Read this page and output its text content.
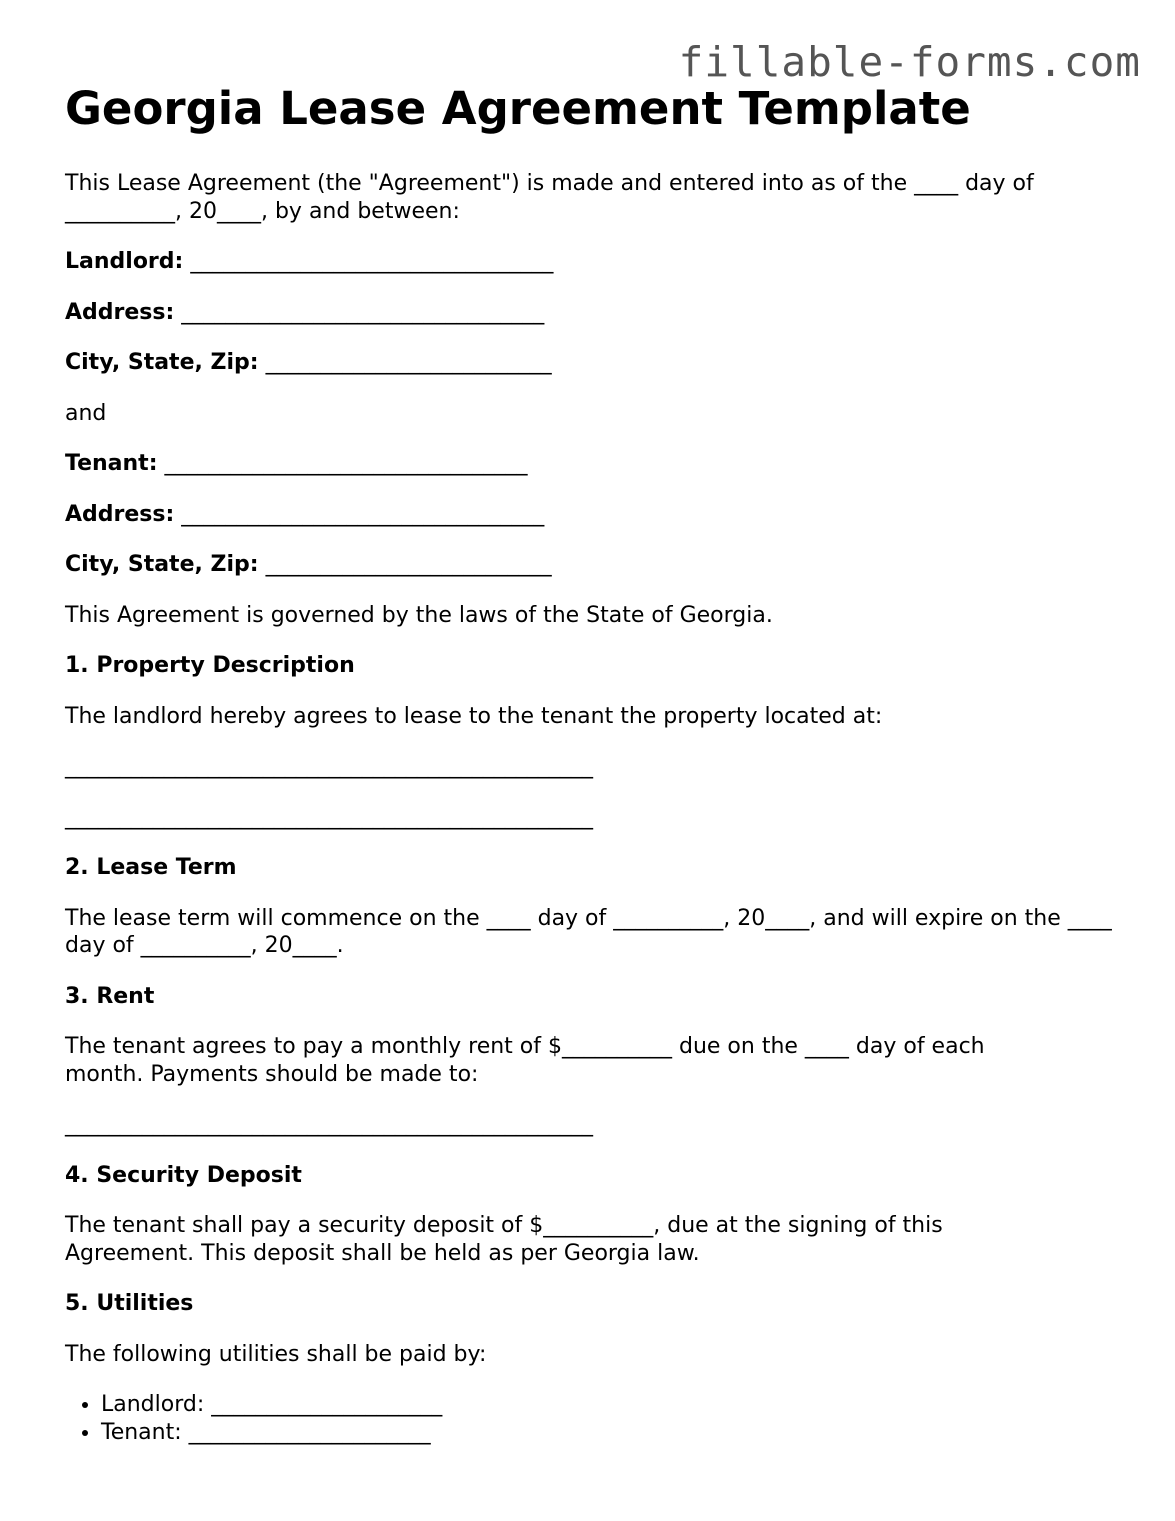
fillable-forms.com
Georgia Lease Agreement Template

This Lease Agreement (the "Agreement") is made and entered into as of the ____ day of __________, 20____, by and between:

Landlord: _________________________________

Address: _________________________________

City, State, Zip: __________________________

and

Tenant: _________________________________

Address: _________________________________

City, State, Zip: __________________________

This Agreement is governed by the laws of the State of Georgia.

1. Property Description

The landlord hereby agrees to lease to the tenant the property located at:

________________________________________________
________________________________________________

2. Lease Term

The lease term will commence on the ____ day of __________, 20____, and will expire on the ____ day of __________, 20____.

3. Rent

The tenant agrees to pay a monthly rent of $__________ due on the ____ day of each month. Payments should be made to:

________________________________________________

4. Security Deposit

The tenant shall pay a security deposit of $__________, due at the signing of this Agreement. This deposit shall be held as per Georgia law.

5. Utilities

The following utilities shall be paid by:

• Landlord: _____________________
• Tenant: ______________________
